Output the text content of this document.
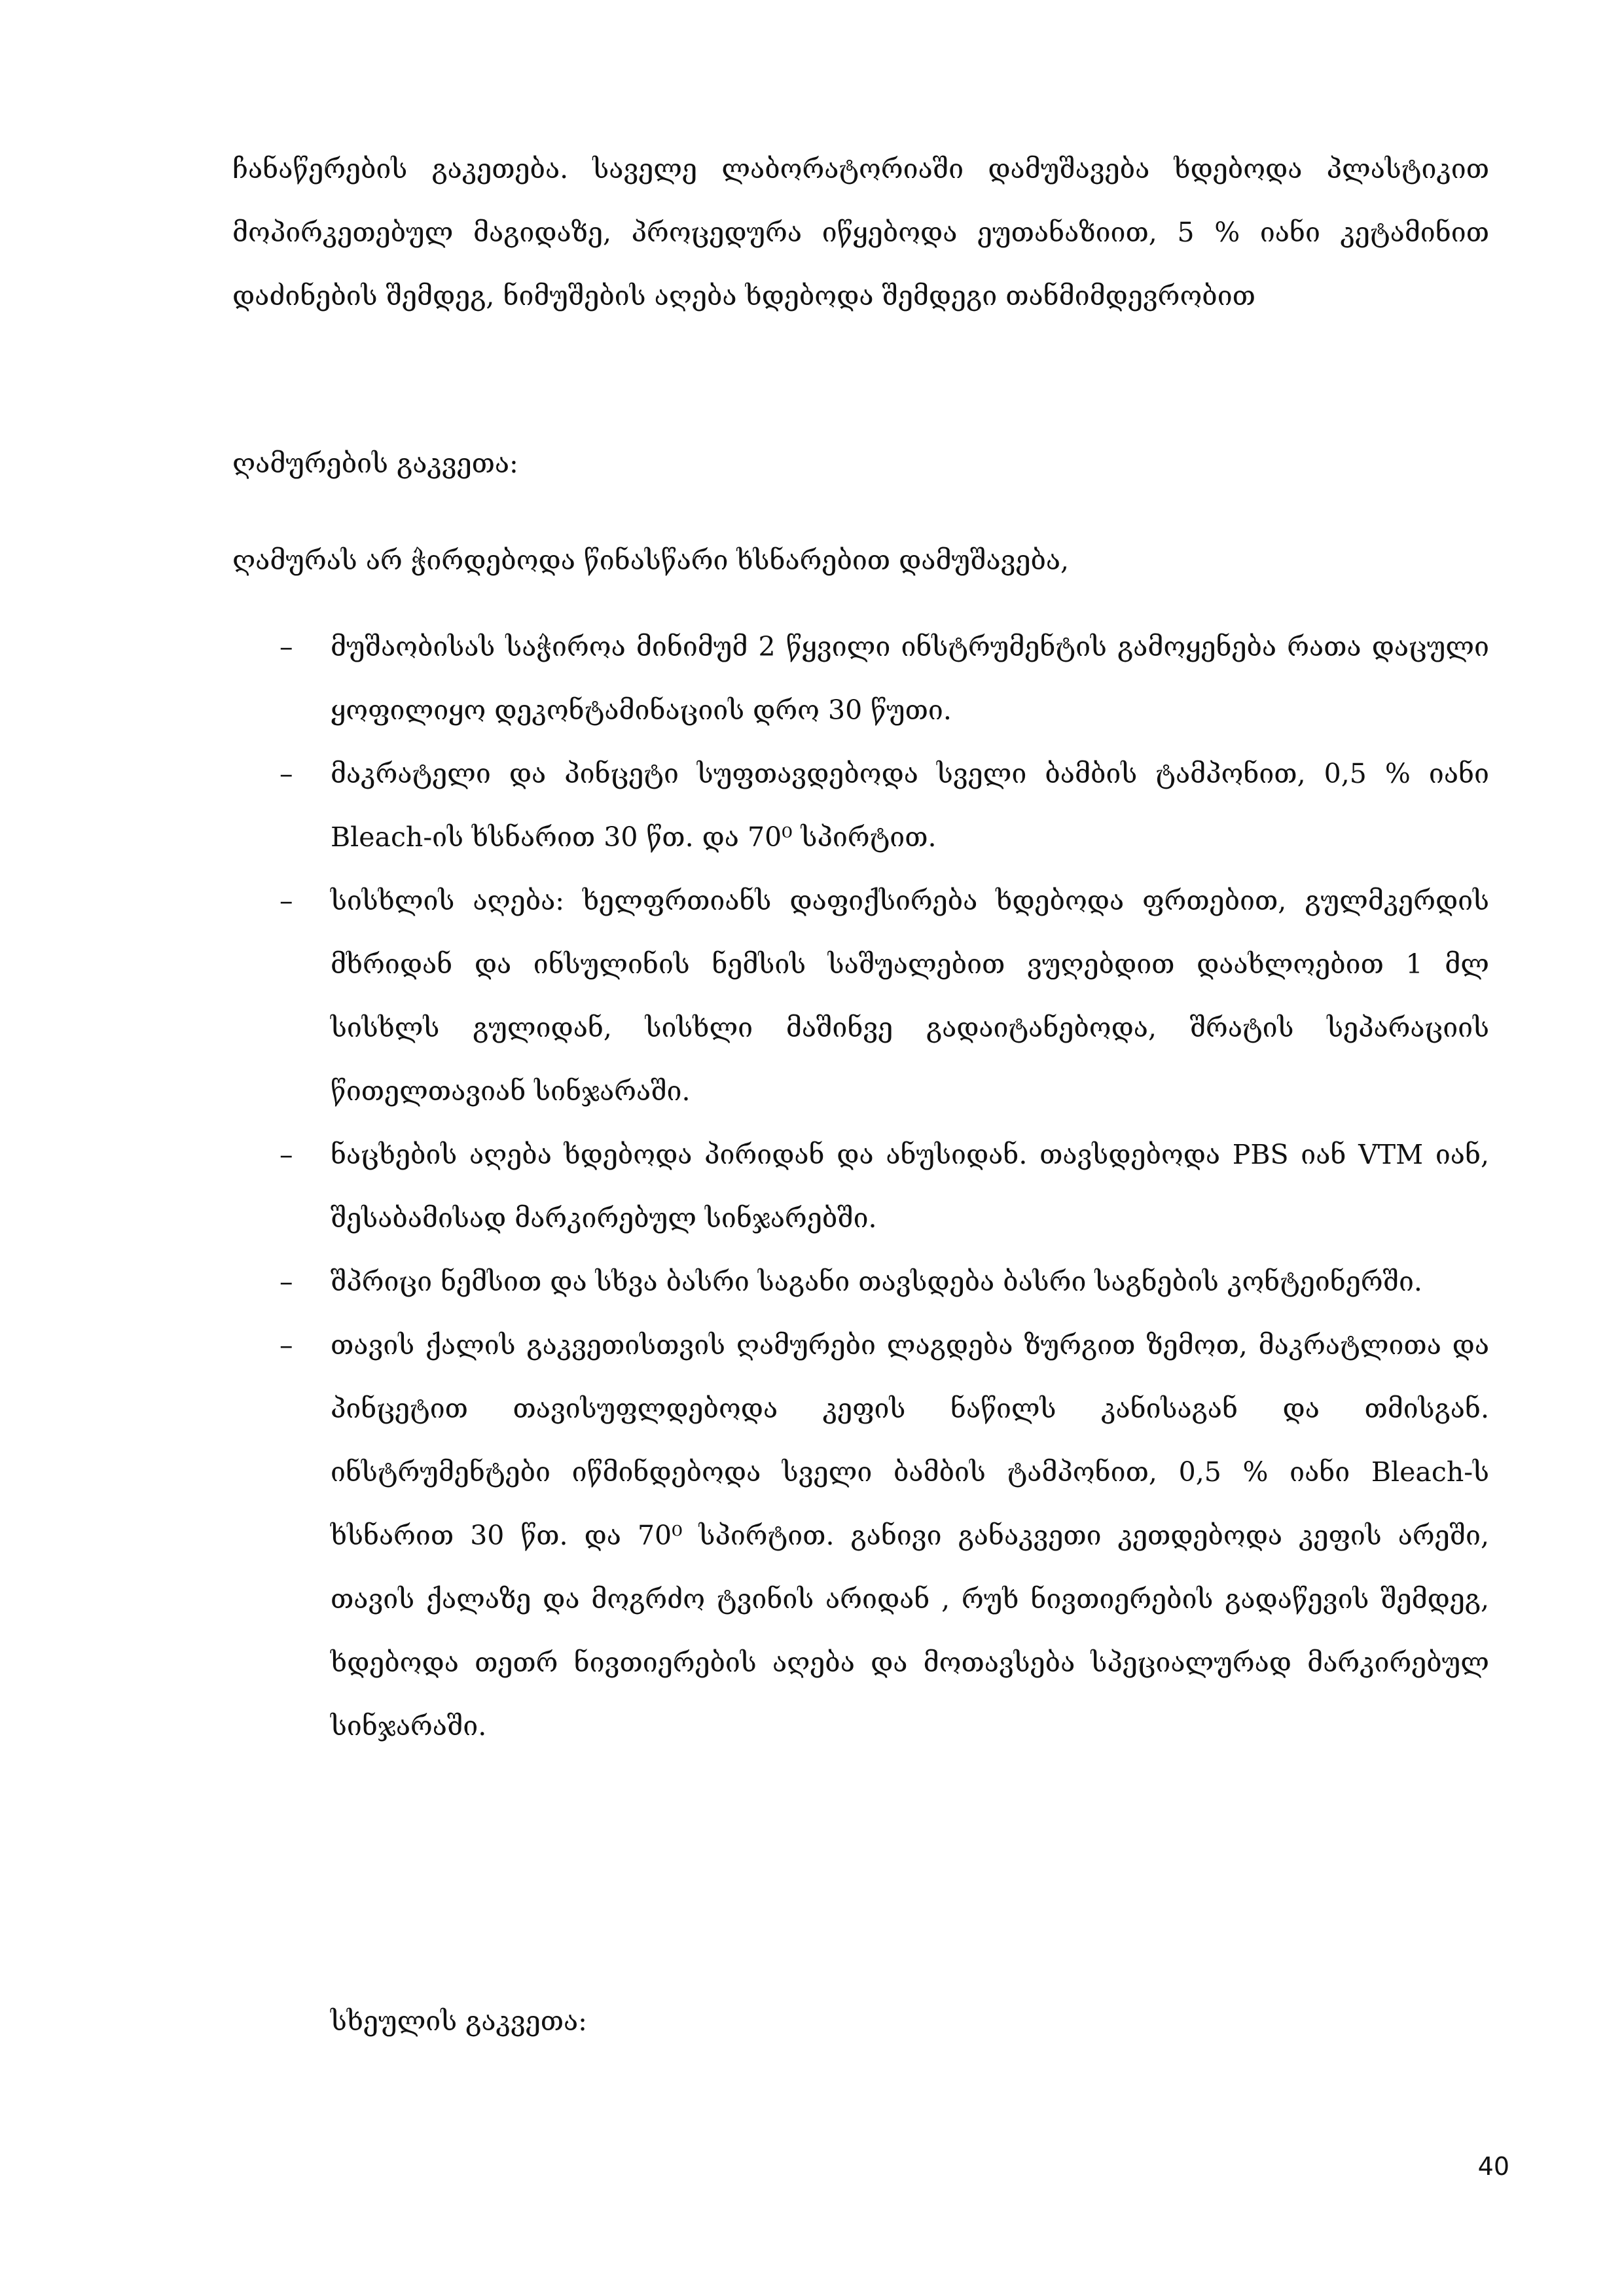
ჩანაწერების გაკეთება. საველე ლაბორატორიაში დამუშავება ხდებოდა პლასტიკით მოპირკეთებულ მაგიდაზე, პროცედურა იწყებოდა ეუთანაზიით, 5 % იანი კეტამინით დაძინების შემდეგ, ნიმუშების აღება ხდებოდა შემდეგი თანმიმდევრობით

ღამურების გაკვეთა:

ღამურას არ ჭირდებოდა წინასწარი ხსნარებით დამუშავება,

– მუშაობისას საჭიროა მინიმუმ 2 წყვილი ინსტრუმენტის გამოყენება რათა დაცული ყოფილიყო დეკონტამინაციის დრო 30 წუთი.
– მაკრატელი და პინცეტი სუფთავდებოდა სველი ბამბის ტამპონით, 0,5 % იანი Bleach-ის ხსნარით 30 წთ. და 70⁰ სპირტით.
– სისხლის აღება: ხელფრთიანს დაფიქსირება ხდებოდა ფრთებით, გულმკერდის მხრიდან და ინსულინის ნემსის საშუალებით ვუღებდით დაახლოებით 1 მლ სისხლს გულიდან, სისხლი მაშინვე გადაიტანებოდა, შრატის სეპარაციის წითელთავიან სინჯარაში.
– ნაცხების აღება ხდებოდა პირიდან და ანუსიდან. თავსდებოდა PBS იან VTM იან, შესაბამისად მარკირებულ სინჯარებში.
– შპრიცი ნემსით და სხვა ბასრი საგანი თავსდება ბასრი საგნების კონტეინერში.
– თავის ქალის გაკვეთისთვის ღამურები ლაგდება ზურგით ზემოთ, მაკრატლითა და პინცეტით თავისუფლდებოდა კეფის ნაწილს კანისაგან და თმისგან. ინსტრუმენტები იწმინდებოდა სველი ბამბის ტამპონით, 0,5 % იანი Bleach-ს ხსნარით 30 წთ. და 70⁰ სპირტით. განივი განაკვეთი კეთდებოდა კეფის არეში, თავის ქალაზე და მოგრძო ტვინის არიდან , რუხ ნივთიერების გადაწევის შემდეგ, ხდებოდა თეთრ ნივთიერების აღება და მოთავსება სპეციალურად მარკირებულ სინჯარაში.

სხეულის გაკვეთა:

40
